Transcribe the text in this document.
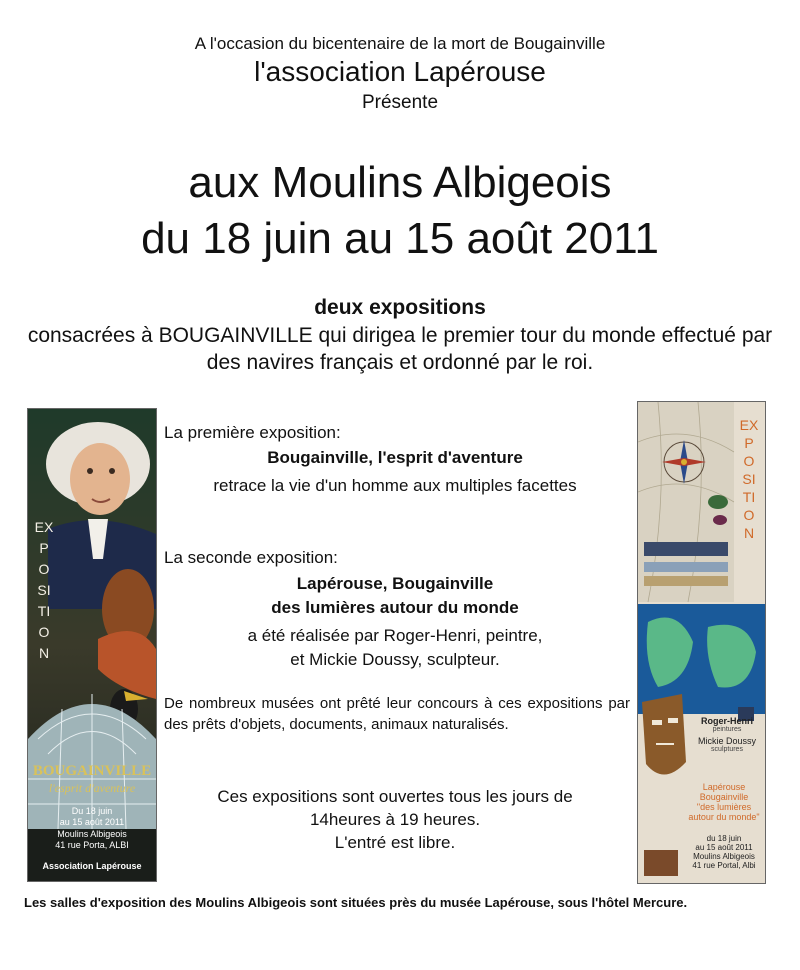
A l'occasion du bicentenaire de la mort de Bougainville
l'association Lapérouse
Présente
aux Moulins Albigeois
du 18 juin au 15 août 2011
deux expositions
consacrées à BOUGAINVILLE qui dirigea le premier tour du monde effectué par des navires français et ordonné par le roi.
EXPOSITION
BOUGAINVILLE
l'esprit d'aventure
Du 18 juin
au 15 août 2011
Moulins Albigeois
41 rue Porta, ALBI
Association Lapérouse
EXPOSITION
Roger-Henri
peintures
Mickie Doussy
sculptures
Lapérouse
Bougainville
"des lumières
autour du monde"
du 18 juin
au 15 août 2011
Moulins Albigeois
41 rue Portal, Albi
La première exposition:
Bougainville, l'esprit d'aventure
retrace la vie d'un homme aux multiples facettes
La seconde exposition:
Lapérouse, Bougainville
des lumières autour du monde
a été réalisée par Roger-Henri, peintre,
et Mickie Doussy, sculpteur.
De nombreux musées ont prêté leur concours à ces expositions par des prêts d'objets, documents, animaux naturalisés.
Ces expositions sont ouvertes tous les jours de
14heures à 19 heures.
L'entré est libre.
Les salles d'exposition des Moulins Albigeois sont situées près du musée Lapérouse, sous l'hôtel Mercure.
